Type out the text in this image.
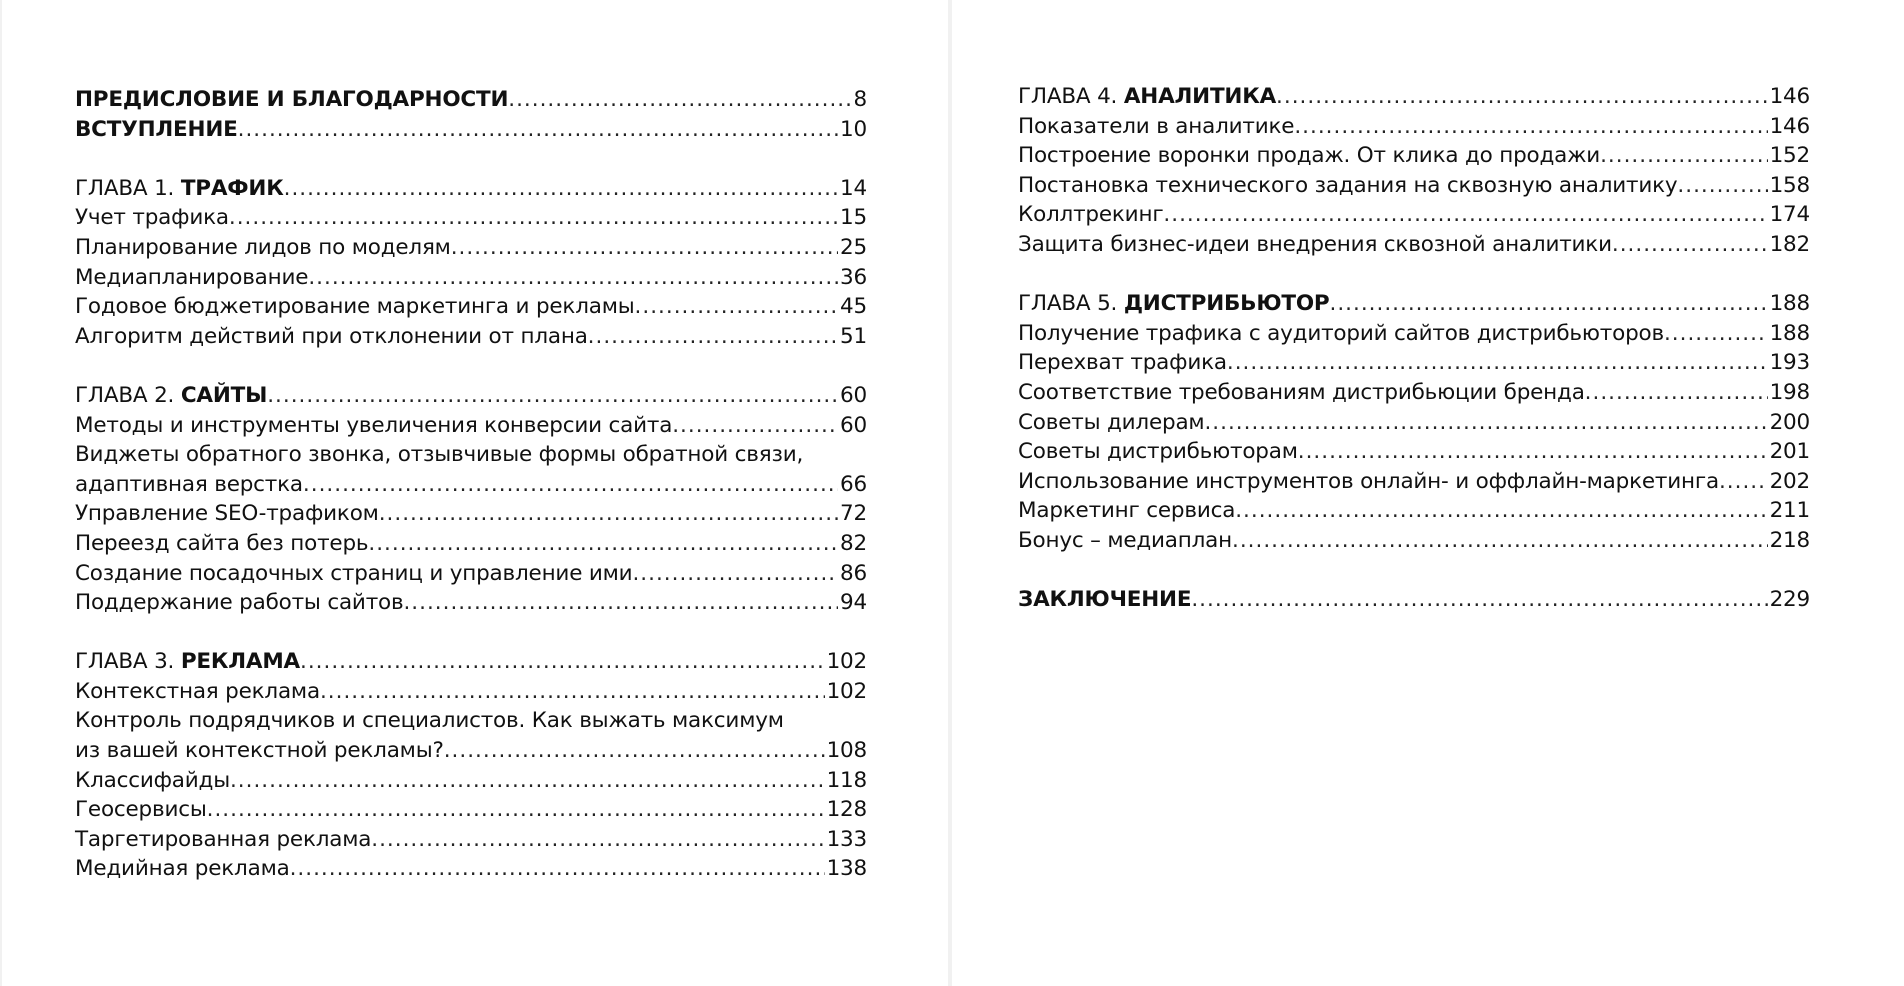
ПРЕДИСЛОВИЕ И БЛАГОДАРНОСТИ .....	8
ВСТУПЛЕНИЕ .....	10
ГЛАВА 1. ТРАФИК .....	14
Учет трафика .....	15
Планирование лидов по моделям .....	25
Медиапланирование .....	36
Годовое бюджетирование маркетинга и рекламы .....	45
Алгоритм действий при отклонении от плана .....	51
ГЛАВА 2. САЙТЫ .....	60
Методы и инструменты увеличения конверсии сайта .....	60
Виджеты обратного звонка, отзывчивые формы обратной связи,
адаптивная верстка .....	66
Управление SEO-трафиком .....	72
Переезд сайта без потерь .....	82
Создание посадочных страниц и управление ими .....	86
Поддержание работы сайтов .....	94
ГЛАВА 3. РЕКЛАМА .....	102
Контекстная реклама .....	102
Контроль подрядчиков и специалистов. Как выжать максимум
из вашей контекстной рекламы? .....	108
Классифайды .....	118
Геосервисы .....	128
Таргетированная реклама .....	133
Медийная реклама .....	138
ГЛАВА 4. АНАЛИТИКА .....	146
Показатели в аналитике .....	146
Построение воронки продаж. От клика до продажи .....	152
Постановка технического задания на сквозную аналитику .....	158
Коллтрекинг .....	174
Защита бизнес-идеи внедрения сквозной аналитики .....	182
ГЛАВА 5. ДИСТРИБЬЮТОР .....	188
Получение трафика с аудиторий сайтов дистрибьюторов .....	188
Перехват трафика .....	193
Соответствие требованиям дистрибьюции бренда .....	198
Советы дилерам .....	200
Советы дистрибьюторам .....	201
Использование инструментов онлайн- и оффлайн-маркетинга ..... 202
Маркетинг сервиса .....	211
Бонус – медиаплан .....	218
ЗАКЛЮЧЕНИЕ .....	229
